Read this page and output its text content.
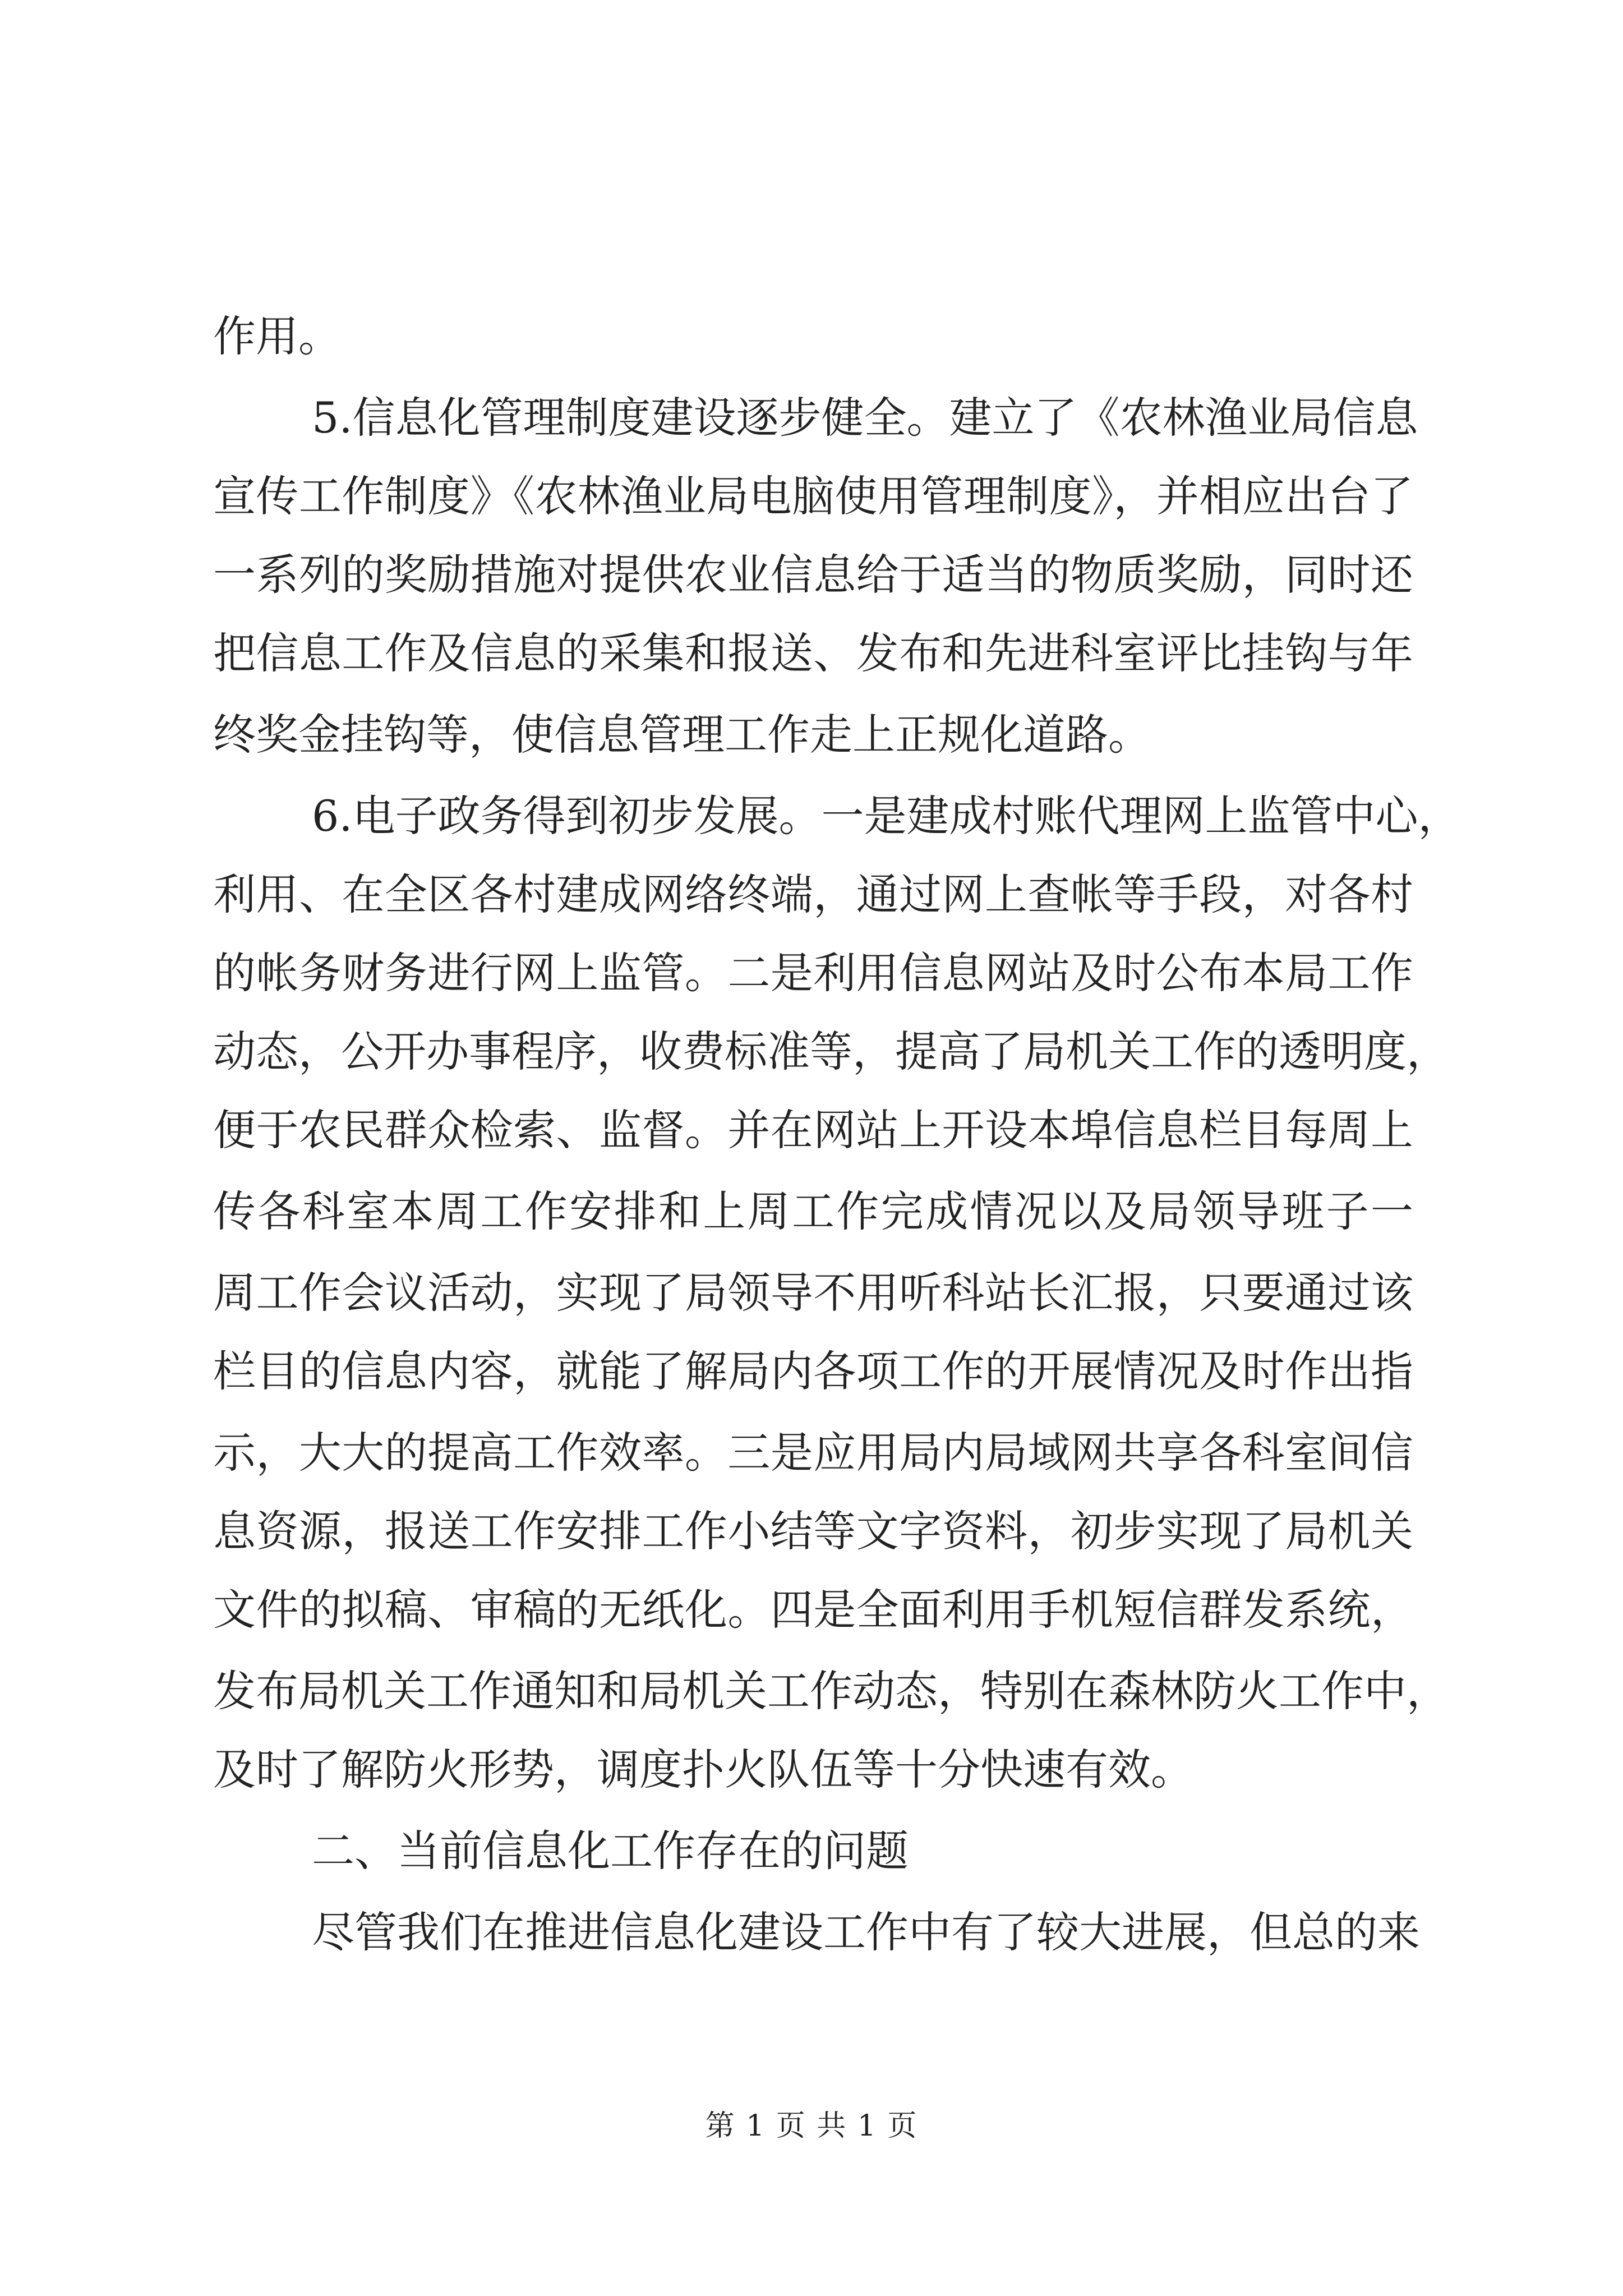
作用。
5.信息化管理制度建设逐步健全。建立了《农林渔业局信息
宣传工作制度》《农林渔业局电脑使用管理制度》，并相应出台了
一系列的奖励措施对提供农业信息给于适当的物质奖励，同时还
把信息工作及信息的采集和报送、发布和先进科室评比挂钩与年
终奖金挂钩等，使信息管理工作走上正规化道路。
6.电子政务得到初步发展。一是建成村账代理网上监管中心，
利用、在全区各村建成网络终端，通过网上查帐等手段，对各村
的帐务财务进行网上监管。二是利用信息网站及时公布本局工作
动态，公开办事程序，收费标准等，提高了局机关工作的透明度，
便于农民群众检索、监督。并在网站上开设本埠信息栏目每周上
传各科室本周工作安排和上周工作完成情况以及局领导班子一
周工作会议活动，实现了局领导不用听科站长汇报，只要通过该
栏目的信息内容，就能了解局内各项工作的开展情况及时作出指
示，大大的提高工作效率。三是应用局内局域网共享各科室间信
息资源，报送工作安排工作小结等文字资料，初步实现了局机关
文件的拟稿、审稿的无纸化。四是全面利用手机短信群发系统，
发布局机关工作通知和局机关工作动态，特别在森林防火工作中，
及时了解防火形势，调度扑火队伍等十分快速有效。
二、当前信息化工作存在的问题
尽管我们在推进信息化建设工作中有了较大进展，但总的来
第 1 页 共 1 页
